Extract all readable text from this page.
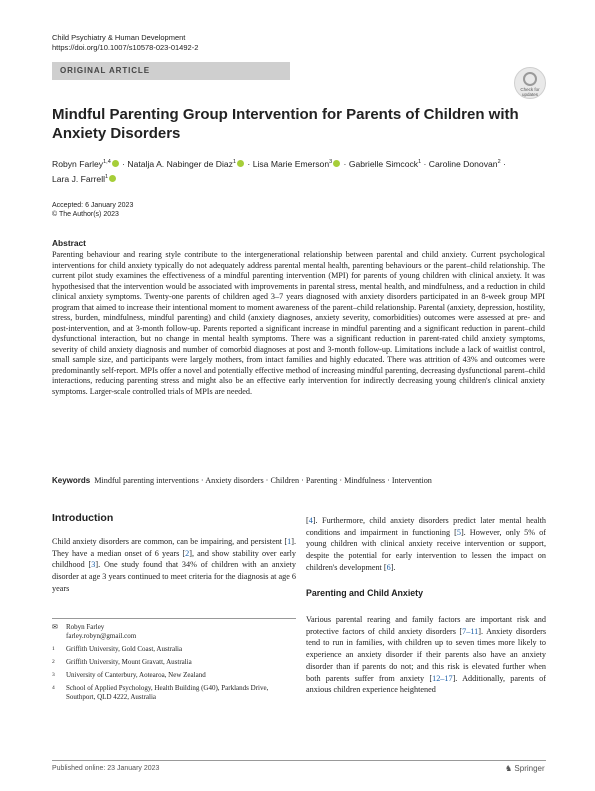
Child Psychiatry & Human Development
https://doi.org/10.1007/s10578-023-01492-2
ORIGINAL ARTICLE
Check for updates
Mindful Parenting Group Intervention for Parents of Children with Anxiety Disorders
Robyn Farley$^{1,4}$ · Natalja A. Nabinger de Diaz$^1$ · Lisa Marie Emerson$^3$ · Gabrielle Simcock$^1$ · Caroline Donovan$^2$ ·
Lara J. Farrell$^1$
Accepted: 6 January 2023
© The Author(s) 2023
Abstract
Parenting behaviour and rearing style contribute to the intergenerational relationship between parental and child anxiety. Current psychological interventions for child anxiety typically do not adequately address parental mental health, parenting behaviours or the parent–child relationship. The current pilot study examines the effectiveness of a mindful parenting intervention (MPI) for parents of young children with clinical anxiety. It was hypothesised that the intervention would be associated with improvements in parental stress, mental health, and mindfulness, and a reduction in child clinical anxiety symptoms. Twenty-one parents of children aged 3–7 years diagnosed with anxiety disorders participated in an 8-week group MPI program that aimed to increase their intentional moment to moment awareness of the parent–child relationship. Parental (anxiety, depression, hostility, stress, burden, mindfulness, mindful parenting) and child (anxiety diagnoses, anxiety severity, comorbidities) outcomes were assessed at pre- and post-intervention, and at 3-month follow-up. Parents reported a significant increase in mindful parenting and a significant reduction in parent–child dysfunctional interaction, but no change in mental health symptoms. There was a significant reduction in parent-rated child anxiety symptoms, severity of child anxiety diagnosis and number of comorbid diagnoses at post and 3-month follow-up. Limitations include a lack of waitlist control, small sample size, and participants were largely mothers, from intact families and highly educated. There was attrition of 43% and outcomes were predominantly self-report. MPIs offer a novel and potentially effective method of increasing mindful parenting, decreasing dysfunctional parent–child interactions, reducing parenting stress and might also be an effective early intervention for indirectly decreasing young children's clinical anxiety symptoms. Larger-scale controlled trials of MPIs are needed.
Keywords Mindful parenting interventions · Anxiety disorders · Children · Parenting · Mindfulness · Intervention
Introduction
Child anxiety disorders are common, can be impairing, and persistent [1]. They have a median onset of 6 years [2], and show stability over early childhood [3]. One study found that 34% of children with an anxiety disorder at age 3 years continued to meet criteria for the diagnosis at age 6 years
✉	Robyn Farley
farley.robyn@gmail.com
1	Griffith University, Gold Coast, Australia
2	Griffith University, Mount Gravatt, Australia
3	University of Canterbury, Aotearoa, New Zealand
4	School of Applied Psychology, Health Building (G40), Parklands Drive, Southport, QLD 4222, Australia
[4]. Furthermore, child anxiety disorders predict later mental health conditions and impairment in functioning [5]. However, only 5% of young children with clinical anxiety receive intervention or support, despite the potential for early intervention to lessen the impact on children's development [6].
Parenting and Child Anxiety
Various parental rearing and family factors are important risk and protective factors of child anxiety disorders [7–11]. Anxiety disorders tend to run in families, with children up to seven times more likely to experience an anxiety disorder if their parents also have an anxiety disorder than if parents do not; and this risk is elevated further when both parents suffer from anxiety [12–17]. Additionally, parents of anxious children experience heightened
Published online: 23 January 2023	♞ Springer
